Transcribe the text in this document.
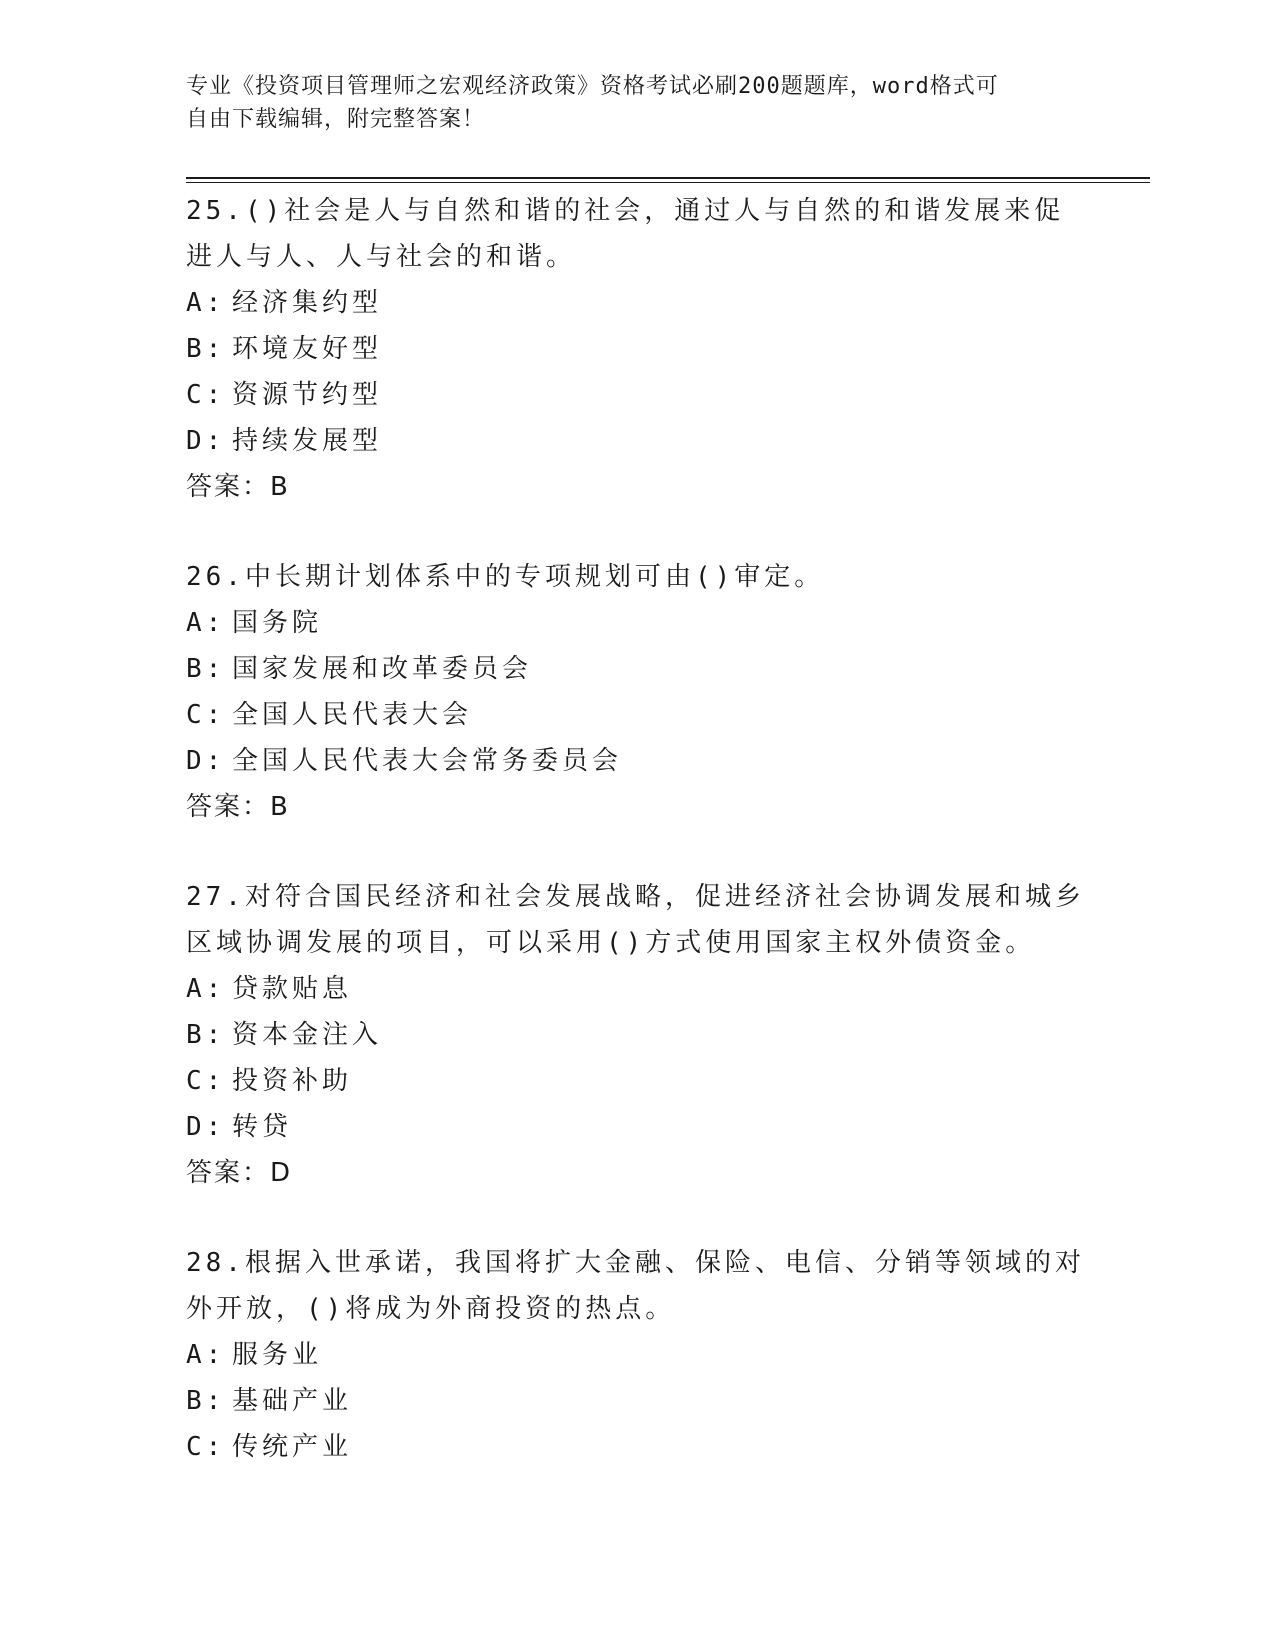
专业《投资项目管理师之宏观经济政策》资格考试必刷200题题库，word格式可
自由下载编辑，附完整答案！
25.()社会是人与自然和谐的社会，通过人与自然的和谐发展来促进人与人、人与社会的和谐。
A: 经济集约型
B: 环境友好型
C: 资源节约型
D: 持续发展型
答案：B
26.中长期计划体系中的专项规划可由()审定。
A: 国务院
B: 国家发展和改革委员会
C: 全国人民代表大会
D: 全国人民代表大会常务委员会
答案：B
27.对符合国民经济和社会发展战略，促进经济社会协调发展和城乡区域协调发展的项目，可以采用()方式使用国家主权外债资金。
A: 贷款贴息
B: 资本金注入
C: 投资补助
D: 转贷
答案：D
28.根据入世承诺，我国将扩大金融、保险、电信、分销等领域的对外开放，()将成为外商投资的热点。
A: 服务业
B: 基础产业
C: 传统产业
